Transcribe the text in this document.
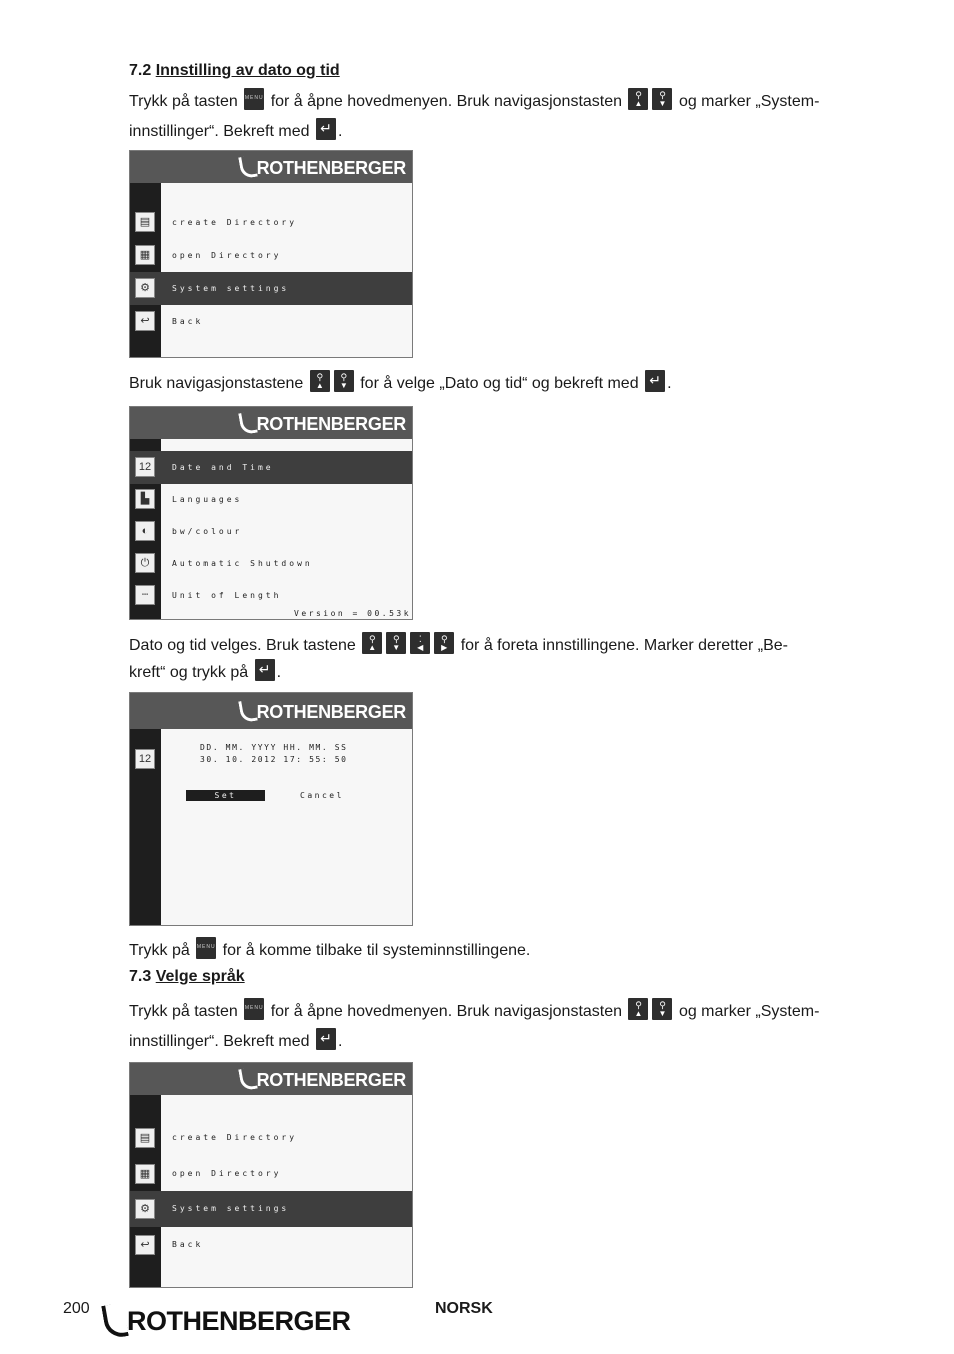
7.2 Innstilling av dato og tid
Trykk på tasten MENU for å åpne hovedmenyen. Bruk navigasjonstasten	⚲
▲
⚲
▼ og marker „System-
innstillinger“. Bekreft med ↵ .
ROTHENBERGER
▤	create Directory
▦	open Directory
⚙	System settings
↩	Back
Bruk navigasjonstastene	⚲
▲
⚲
▼ for å velge „Dato og tid“ og bekreft med ↵ .
ROTHENBERGER
12	Date and Time
▙	Languages
◐	bw/colour
⏻	Automatic Shutdown
┄	Unit of Length
Version = 00.53k
Dato og tid velges. Bruk tastene	⚲
▲
⚲
▼
⁚
◀
⚲
▶ for å foreta innstillingene. Marker deretter „Be-
kreft“ og trykk på ↵ .
ROTHENBERGER
12
DD. MM. YYYY HH. MM. SS
30. 10. 2012 17: 55: 50
Set	Cancel
Trykk på MENU for å komme tilbake til systeminnstillingene.
7.3 Velge språk
Trykk på tasten MENU for å åpne hovedmenyen. Bruk navigasjonstasten	⚲
▲
⚲
▼ og marker „System-
innstillinger“. Bekreft med ↵ .
ROTHENBERGER
▤	create Directory
▦	open Directory
⚙	System settings
↩	Back
200	ROTHENBERGER	NORSK
